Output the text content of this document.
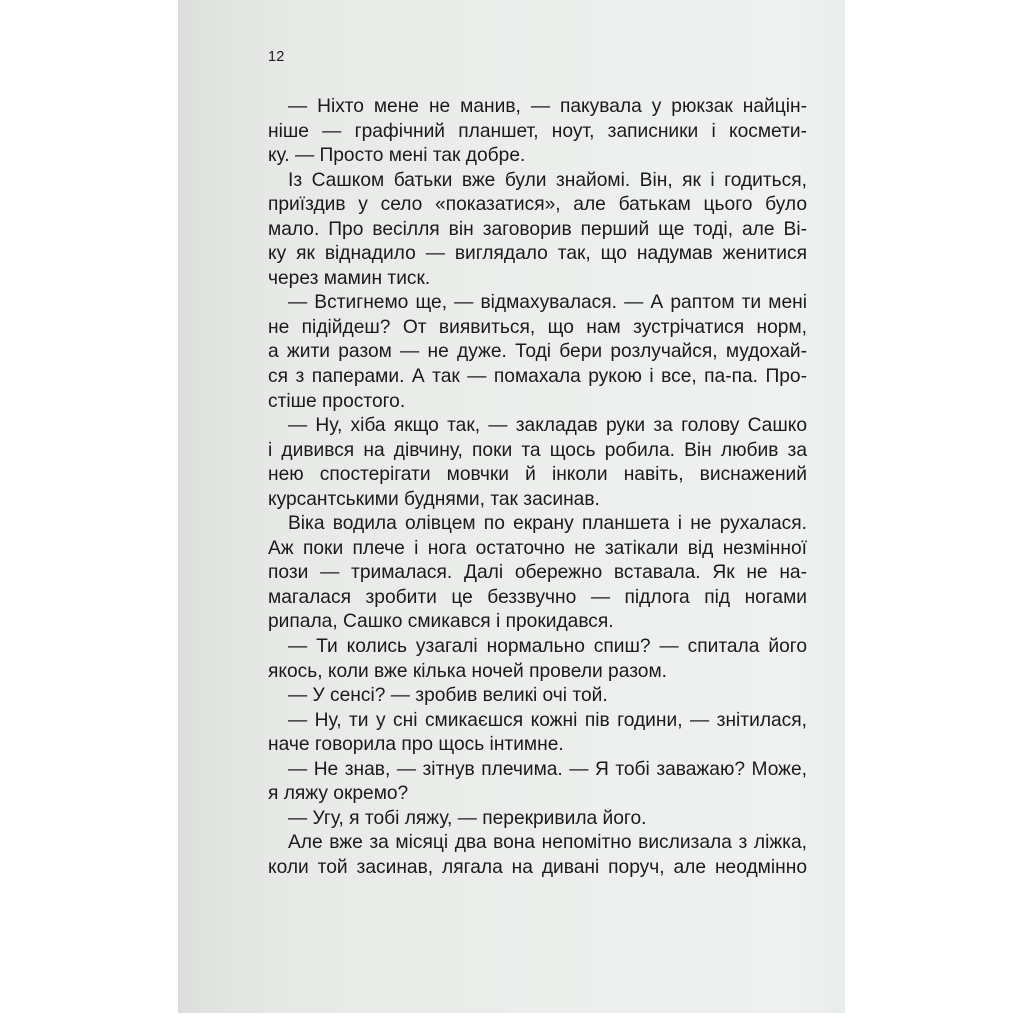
12
— Ніхто мене не манив, — пакувала у рюкзак найцін-
ніше — графічний планшет, ноут, записники і космети-
ку. — Просто мені так добре.
Із Сашком батьки вже були знайомі. Він, як і годиться,
приїздив у село «показатися», але батькам цього було
мало. Про весілля він заговорив перший ще тоді, але Ві-
ку як віднадило — виглядало так, що надумав женитися
через мамин тиск.
— Встигнемо ще, — відмахувалася. — А раптом ти мені
не підійдеш? От виявиться, що нам зустрічатися норм,
а жити разом — не дуже. Тоді бери розлучайся, мудохай-
ся з паперами. А так — помахала рукою і все, па-па. Про-
стіше простого.
— Ну, хіба якщо так, — закладав руки за голову Сашко
і дивився на дівчину, поки та щось робила. Він любив за
нею спостерігати мовчки й інколи навіть, виснажений
курсантськими буднями, так засинав.
Віка водила олівцем по екрану планшета і не рухалася.
Аж поки плече і нога остаточно не затікали від незмінної
пози — трималася. Далі обережно вставала. Як не на-
магалася зробити це беззвучно — підлога під ногами
рипала, Сашко смикався і прокидався.
— Ти колись узагалі нормально спиш? — спитала його
якось, коли вже кілька ночей провели разом.
— У сенсі? — зробив великі очі той.
— Ну, ти у сні смикаєшся кожні пів години, — знітилася,
наче говорила про щось інтимне.
— Не знав, — зітнув плечима. — Я тобі заважаю? Може,
я ляжу окремо?
— Угу, я тобі ляжу, — перекривила його.
Але вже за місяці два вона непомітно вислизала з ліжка,
коли той засинав, лягала на дивані поруч, але неодмінно
